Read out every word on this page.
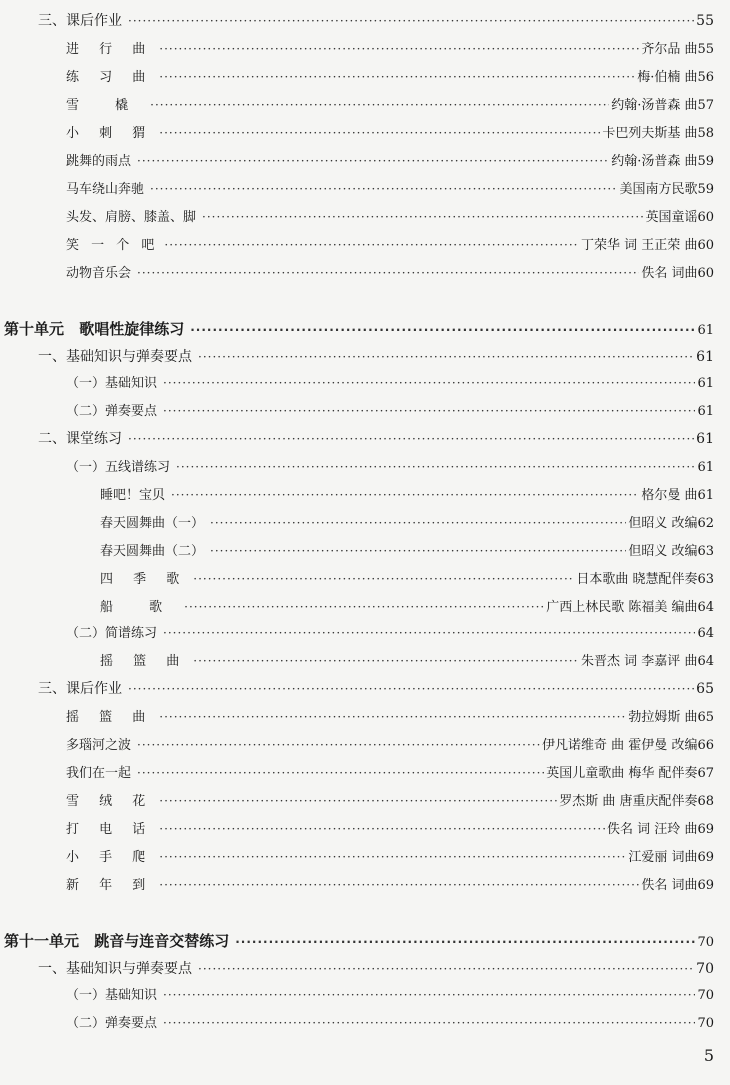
三、课后作业 ·····	55
进 行 曲 ·····	齐尔品 曲 55
练 习 曲 ·····	梅·伯楠 曲 56
雪 橇 ·····	约翰·汤普森 曲 57
小 刺 猬 ·····	卡巴列夫斯基 曲 58
跳舞的雨点 ·····	约翰·汤普森 曲 59
马车绕山奔驰 ·····	美国南方民歌 59
头发、肩膀、膝盖、脚 ·····	英国童谣 60
笑 一 个 吧 ·····	丁荣华 词 王正荣 曲 60
动物音乐会 ·····	佚名 词曲 60
第十单元 歌唱性旋律练习 ·····	61
一、基础知识与弹奏要点 ·····	61
（一）基础知识 ·····	61
（二）弹奏要点 ·····	61
二、课堂练习 ·····	61
（一）五线谱练习 ·····	61
睡吧！宝贝 ·····	格尔曼 曲 61
春天圆舞曲（一） ·····	但昭义 改编 62
春天圆舞曲（二） ·····	但昭义 改编 63
四 季 歌 ·····	日本歌曲 晓慧配伴奏 63
船 歌 ·····	广西上林民歌 陈福美 编曲 64
（二）简谱练习 ·····	64
摇 篮 曲 ·····	朱晋杰 词 李嘉评 曲 64
三、课后作业 ·····	65
摇 篮 曲 ·····	勃拉姆斯 曲 65
多瑙河之波 ·····	伊凡诺维奇 曲 霍伊曼 改编 66
我们在一起 ·····	英国儿童歌曲 梅华 配伴奏 67
雪 绒 花 ·····	罗杰斯 曲 唐重庆配伴奏 68
打 电 话 ·····	佚名 词 汪玲 曲 69
小 手 爬 ·····	江爱丽 词曲 69
新 年 到 ·····	佚名 词曲 69
第十一单元 跳音与连音交替练习 ·····	70
一、基础知识与弹奏要点 ·····	70
（一）基础知识 ·····	70
（二）弹奏要点 ·····	70
5
